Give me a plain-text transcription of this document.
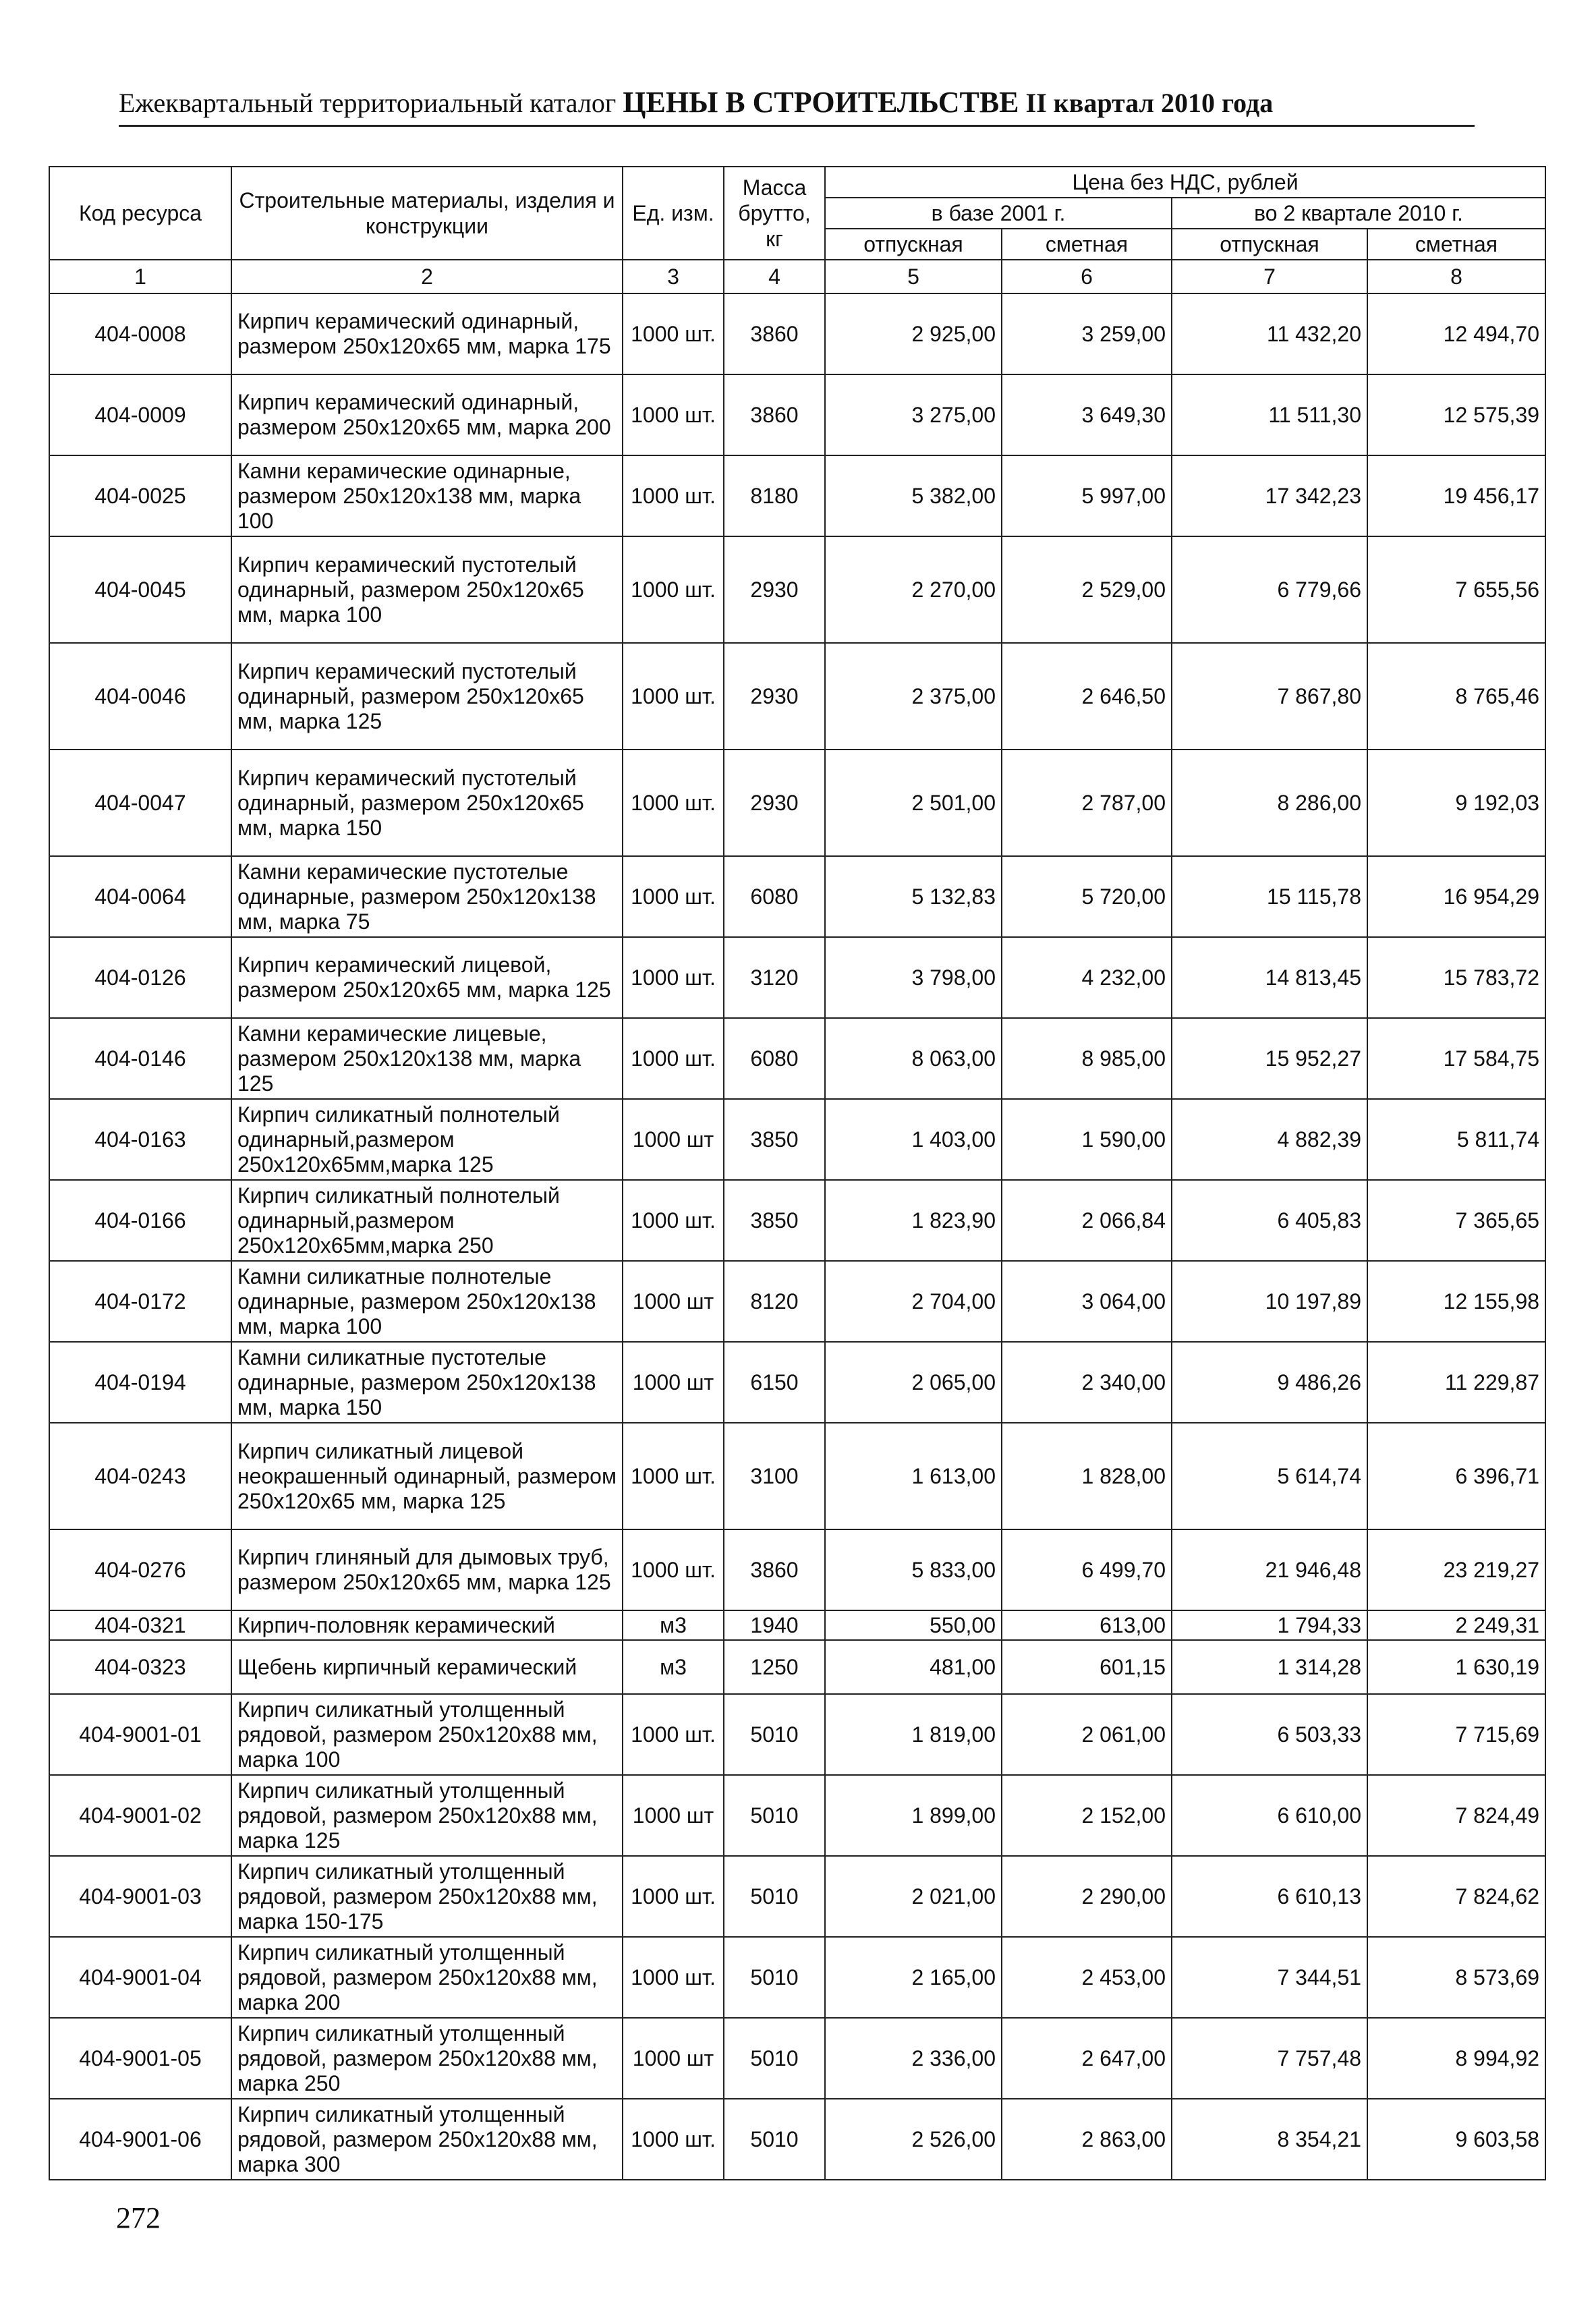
Ежеквартальный территориальный каталог ЦЕНЫ В СТРОИТЕЛЬСТВЕ II квартал 2010 года
Код ресурса	Строительные материалы, изделия и конструкции	Ед. изм.	Масса брутто, кг	Цена без НДС, рублей			
				в базе 2001 г.		во 2 квартале 2010 г.	
				отпускная	сметная	отпускная	сметная
1	2	3	4	5	6	7	8
404-0008	Кирпич керамический одинарный, размером 250х120х65 мм, марка 175	1000 шт.	3860	2 925,00	3 259,00	11 432,20	12 494,70
404-0009	Кирпич керамический одинарный, размером 250х120х65 мм, марка 200	1000 шт.	3860	3 275,00	3 649,30	11 511,30	12 575,39
404-0025	Камни керамические одинарные, размером 250х120х138 мм, марка 100	1000 шт.	8180	5 382,00	5 997,00	17 342,23	19 456,17
404-0045	Кирпич керамический пустотелый одинарный, размером 250х120х65 мм, марка 100	1000 шт.	2930	2 270,00	2 529,00	6 779,66	7 655,56
404-0046	Кирпич керамический пустотелый одинарный, размером 250х120х65 мм, марка 125	1000 шт.	2930	2 375,00	2 646,50	7 867,80	8 765,46
404-0047	Кирпич керамический пустотелый одинарный, размером 250х120х65 мм, марка 150	1000 шт.	2930	2 501,00	2 787,00	8 286,00	9 192,03
404-0064	Камни керамические пустотелые одинарные, размером 250х120х138 мм, марка 75	1000 шт.	6080	5 132,83	5 720,00	15 115,78	16 954,29
404-0126	Кирпич керамический лицевой, размером 250х120х65 мм, марка 125	1000 шт.	3120	3 798,00	4 232,00	14 813,45	15 783,72
404-0146	Камни керамические лицевые, размером 250х120х138 мм, марка 125	1000 шт.	6080	8 063,00	8 985,00	15 952,27	17 584,75
404-0163	Кирпич силикатный полнотелый одинарный,размером 250х120х65мм,марка 125	1000 шт	3850	1 403,00	1 590,00	4 882,39	5 811,74
404-0166	Кирпич силикатный полнотелый одинарный,размером 250х120х65мм,марка 250	1000 шт.	3850	1 823,90	2 066,84	6 405,83	7 365,65
404-0172	Камни силикатные полнотелые одинарные, размером 250х120х138 мм, марка 100	1000 шт	8120	2 704,00	3 064,00	10 197,89	12 155,98
404-0194	Камни силикатные пустотелые одинарные, размером 250х120х138 мм, марка 150	1000 шт	6150	2 065,00	2 340,00	9 486,26	11 229,87
404-0243	Кирпич силикатный лицевой неокрашенный одинарный, размером 250х120х65 мм, марка 125	1000 шт.	3100	1 613,00	1 828,00	5 614,74	6 396,71
404-0276	Кирпич глиняный для дымовых труб, размером 250х120х65 мм, марка 125	1000 шт.	3860	5 833,00	6 499,70	21 946,48	23 219,27
404-0321	Кирпич-половняк керамический	м3	1940	550,00	613,00	1 794,33	2 249,31
404-0323	Щебень кирпичный керамический	м3	1250	481,00	601,15	1 314,28	1 630,19
404-9001-01	Кирпич силикатный утолщенный рядовой, размером 250х120х88 мм, марка 100	1000 шт.	5010	1 819,00	2 061,00	6 503,33	7 715,69
404-9001-02	Кирпич силикатный утолщенный рядовой, размером 250х120х88 мм, марка 125	1000 шт	5010	1 899,00	2 152,00	6 610,00	7 824,49
404-9001-03	Кирпич силикатный утолщенный рядовой, размером 250х120х88 мм, марка 150-175	1000 шт.	5010	2 021,00	2 290,00	6 610,13	7 824,62
404-9001-04	Кирпич силикатный утолщенный рядовой, размером 250х120х88 мм, марка 200	1000 шт.	5010	2 165,00	2 453,00	7 344,51	8 573,69
404-9001-05	Кирпич силикатный утолщенный рядовой, размером 250х120х88 мм, марка 250	1000 шт	5010	2 336,00	2 647,00	7 757,48	8 994,92
404-9001-06	Кирпич силикатный утолщенный рядовой, размером 250х120х88 мм, марка 300	1000 шт.	5010	2 526,00	2 863,00	8 354,21	9 603,58
272
